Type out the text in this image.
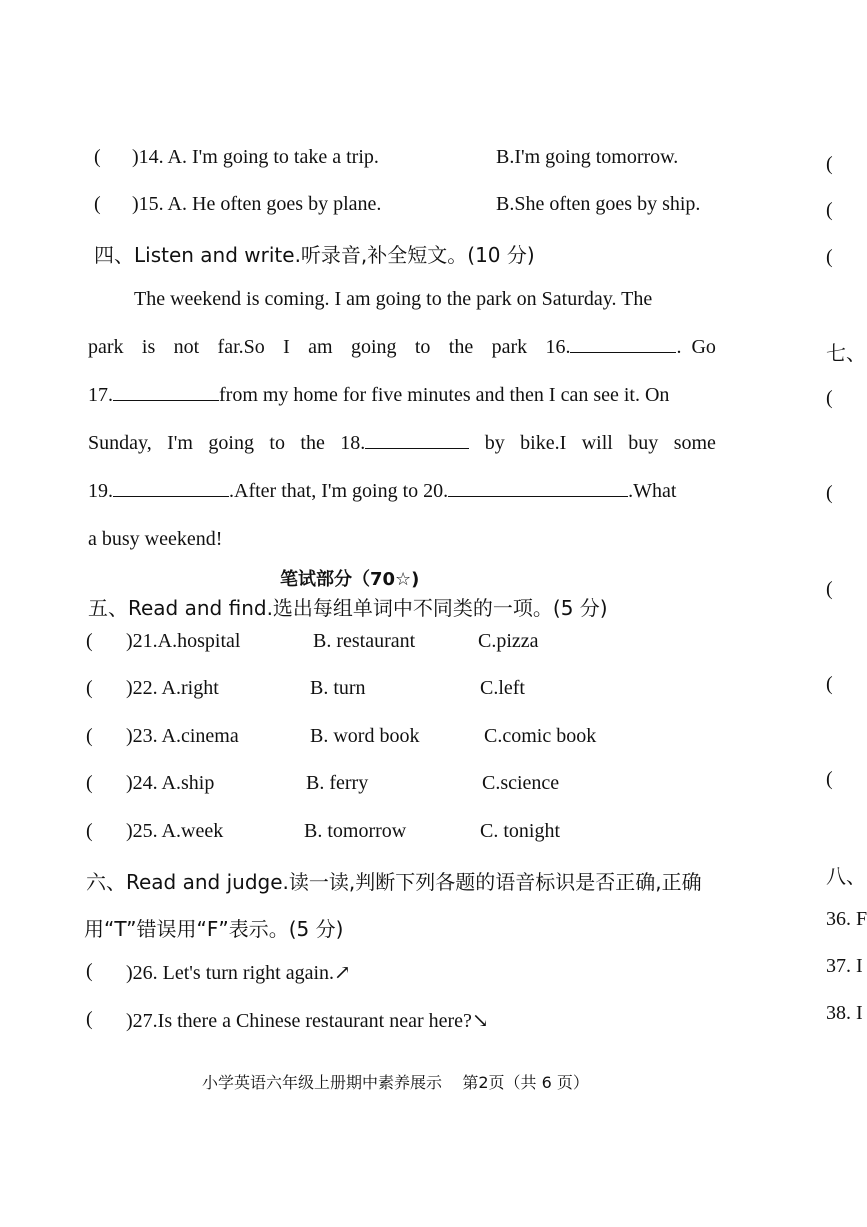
( )14. A. I'm going to take a trip.	B.I'm going tomorrow.
( )15. A. He often goes by plane.	B.She often goes by ship.
四、Listen and write.听录音,补全短文。(10 分)
The weekend is coming. I am going to the park on Saturday. The
park is not far.So I am going to the park 16.	.  Go
17.	from my home for five minutes and then I can see it. On
Sunday, I'm going to the 18.	by bike.I will buy some
19.	.After that, I'm going to 20.	.What
a busy weekend!
笔试部分（70☆)
五、Read and find.选出每组单词中不同类的一项。(5 分)
( )21.A.hospital	B. restaurant	C.pizza
( )22. A.right	B. turn	C.left
( )23. A.cinema	B. word book	C.comic book
( )24. A.ship	B. ferry	C.science
( )25. A.week	B. tomorrow	C. tonight
六、Read and judge.读一读,判断下列各题的语音标识是否正确,正确
用“T”错误用“F”表示。(5 分)
( )26. Let's turn right again.↗
( )27.Is there a Chinese restaurant near here?↘
小学英语六年级上册期中素养展示    第2页（共 6 页）
(
(
(
七、
(
(
(
(
(
八、
36. F
37. I
38. I
